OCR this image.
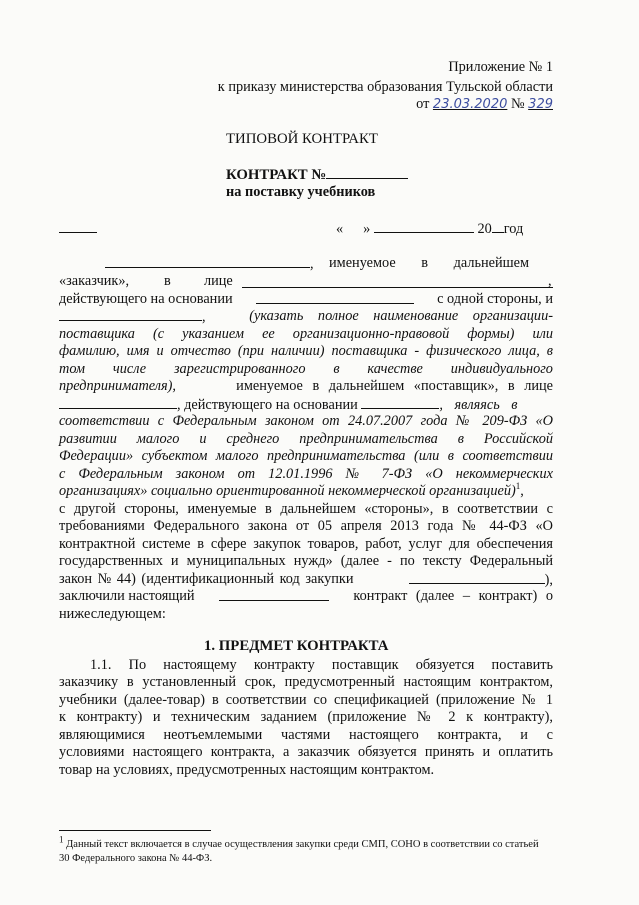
Приложение № 1
к приказу министерства образования Тульской области
от 23.03.2020 № 329
ТИПОВОЙ КОНТРАКТ
КОНТРАКТ №
на поставку учебников
« »	20 год
, именуемое в дальнейшем
«заказчик», в лице	,
действующего на основании	с одной стороны, и
,	(указать полное наименование организации-
поставщика (с указанием ее организационно-правовой формы) или
фамилию, имя и отчество (при наличии) поставщика - физического лица, в
том числе зарегистрированного в качестве индивидуального
предпринимателя),	именуемое в дальнейшем «поставщик», в лице
, действующего на основании	, являясь в
соответствии с Федеральным законом от 24.07.2007 года № 209-ФЗ «О
развитии малого и среднего предпринимательства в Российской
Федерации» субъектом малого предпринимательства (или в соответствии
с Федеральным законом от 12.01.1996 № 7-ФЗ «О некоммерческих
организациях» социально ориентированной некоммерческой организацией)$^1$,
с другой стороны, именуемые в дальнейшем «стороны», в соответствии с
требованиями Федерального закона от 05 апреля 2013 года № 44-ФЗ «О
контрактной системе в сфере закупок товаров, работ, услуг для обеспечения
государственных и муниципальных нужд» (далее - по тексту Федеральный
закон № 44) (идентификационный код закупки	),
заключили настоящий	контракт (далее – контракт) о
нижеследующем:
1. ПРЕДМЕТ КОНТРАКТА
1.1. По настоящему контракту поставщик обязуется поставить
заказчику в установленный срок, предусмотренный настоящим контрактом,
учебники (далее-товар) в соответствии со спецификацией (приложение № 1
к контракту) и техническим заданием (приложение № 2 к контракту),
являющимися неотъемлемыми частями настоящего контракта, и с
условиями настоящего контракта, а заказчик обязуется принять и оплатить
товар на условиях, предусмотренных настоящим контрактом.
$^1$ Данный текст включается в случае осуществления закупки среди СМП, СОНО в соответствии со статьей
30 Федерального закона № 44-ФЗ.
